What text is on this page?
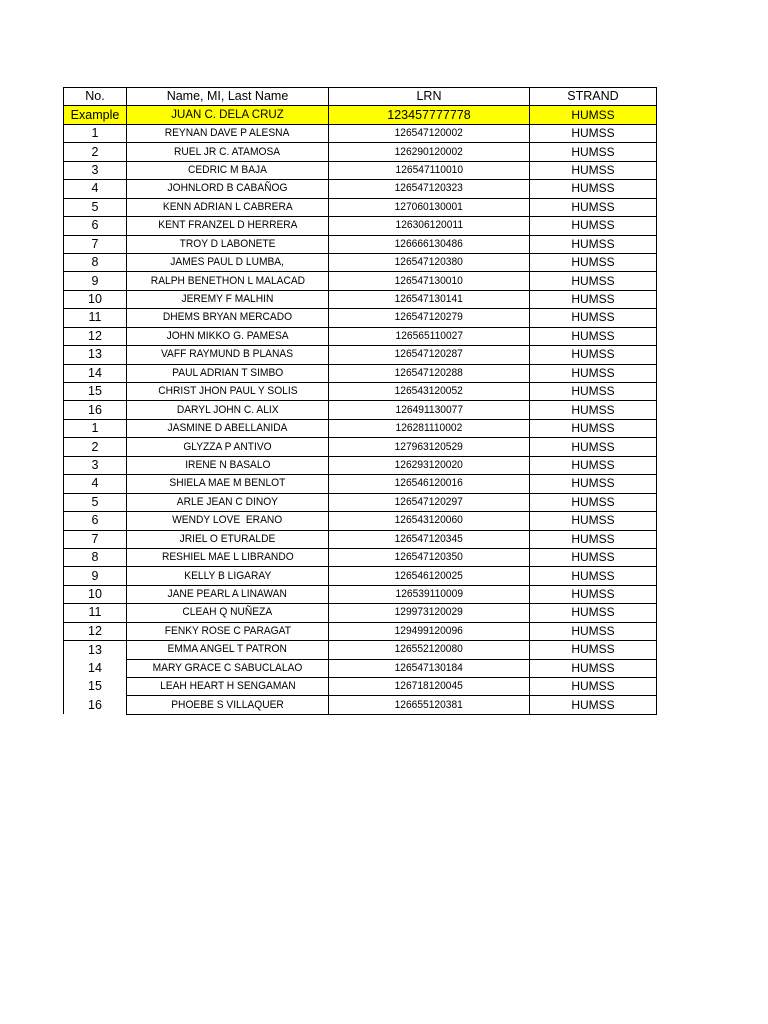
No.	Name, MI, Last Name	LRN	STRAND
Example	JUAN C. DELA CRUZ	123457777778	HUMSS
1	REYNAN DAVE P ALESNA	126547120002	HUMSS
2	RUEL JR C. ATAMOSA	126290120002	HUMSS
3	CEDRIC M BAJA	126547110010	HUMSS
4	JOHNLORD B CABAÑOG	126547120323	HUMSS
5	KENN ADRIAN L CABRERA	127060130001	HUMSS
6	KENT FRANZEL D HERRERA	126306120011	HUMSS
7	TROY D LABONETE	126666130486	HUMSS
8	JAMES PAUL D LUMBA,	126547120380	HUMSS
9	RALPH BENETHON L MALACAD	126547130010	HUMSS
10	JEREMY F MALHIN	126547130141	HUMSS
11	DHEMS BRYAN MERCADO	126547120279	HUMSS
12	JOHN MIKKO G. PAMESA	126565110027	HUMSS
13	VAFF RAYMUND B PLANAS	126547120287	HUMSS
14	PAUL ADRIAN T SIMBO	126547120288	HUMSS
15	CHRIST JHON PAUL Y SOLIS	126543120052	HUMSS
16	DARYL JOHN C. ALIX	126491130077	HUMSS
1	JASMINE D ABELLANIDA	126281110002	HUMSS
2	GLYZZA P ANTIVO	127963120529	HUMSS
3	IRENE N BASALO	126293120020	HUMSS
4	SHIELA MAE M BENLOT	126546120016	HUMSS
5	ARLE JEAN C DINOY	126547120297	HUMSS
6	WENDY LOVE  ERANO	126543120060	HUMSS
7	JRIEL O ETURALDE	126547120345	HUMSS
8	RESHIEL MAE L LIBRANDO	126547120350	HUMSS
9	KELLY B LIGARAY	126546120025	HUMSS
10	JANE PEARL A LINAWAN	126539110009	HUMSS
11	CLEAH Q NUÑEZA	129973120029	HUMSS
12	FENKY ROSE C PARAGAT	129499120096	HUMSS
13	EMMA ANGEL T PATRON	126552120080	HUMSS
14	MARY GRACE C SABUCLALAO	126547130184	HUMSS
15	LEAH HEART H SENGAMAN	126718120045	HUMSS
16	PHOEBE S VILLAQUER	126655120381	HUMSS
